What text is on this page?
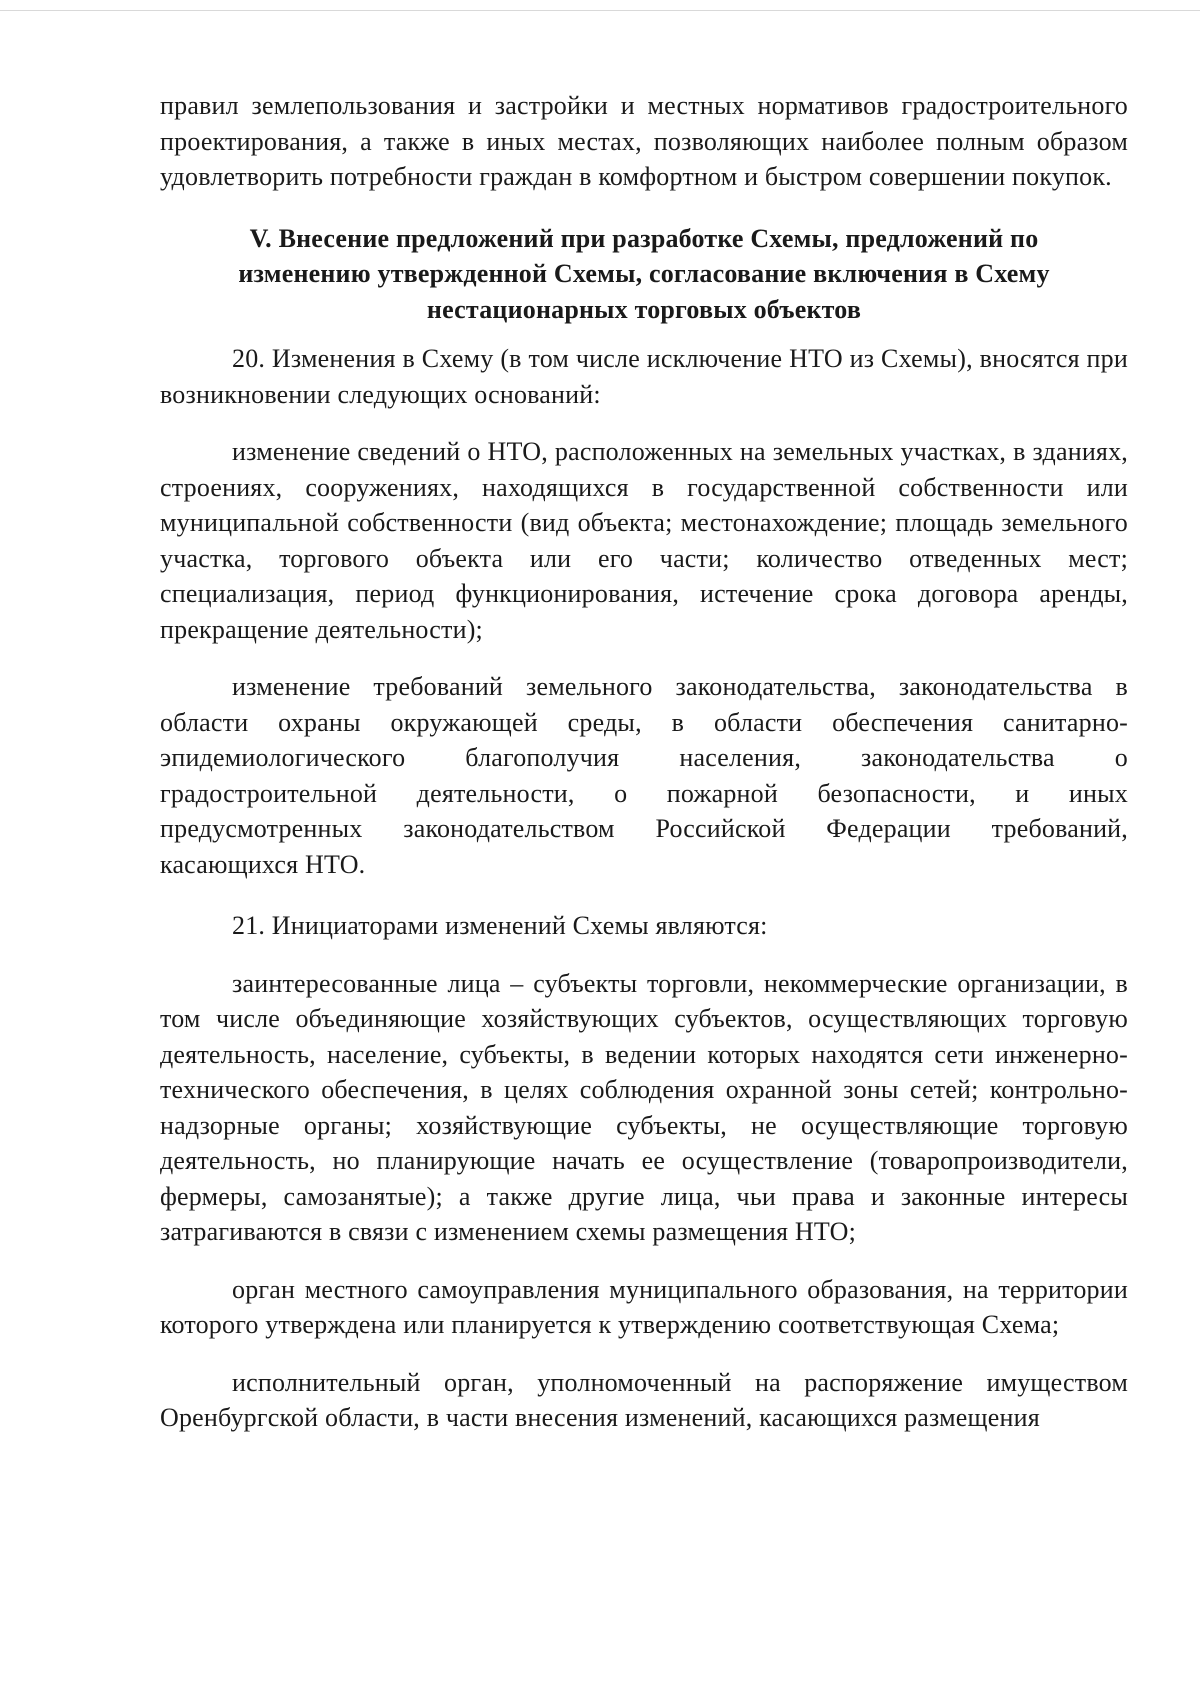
правил землепользования и застройки и местных нормативов градостроительного проектирования, а также в иных местах, позволяющих наиболее полным образом удовлетворить потребности граждан в комфортном и быстром совершении покупок.

V. Внесение предложений при разработке Схемы, предложений по
изменению утвержденной Схемы, согласование включения в Схему
нестационарных торговых объектов

20. Изменения в Схему (в том числе исключение НТО из Схемы), вносятся при возникновении следующих оснований:

изменение сведений о НТО, расположенных на земельных участках, в зданиях, строениях, сооружениях, находящихся в государственной собственности или муниципальной собственности (вид объекта; местонахождение; площадь земельного участка, торгового объекта или его части; количество отведенных мест; специализация, период функционирования, истечение срока договора аренды, прекращение деятельности);

изменение требований земельного законодательства, законодательства в области охраны окружающей среды, в области обеспечения санитарно-эпидемиологического благополучия населения, законодательства о градостроительной деятельности, о пожарной безопасности, и иных предусмотренных законодательством Российской Федерации требований, касающихся НТО.

21. Инициаторами изменений Схемы являются:

заинтересованные лица – субъекты торговли, некоммерческие организации, в том числе объединяющие хозяйствующих субъектов, осуществляющих торговую деятельность, население, субъекты, в ведении которых находятся сети инженерно-технического обеспечения, в целях соблюдения охранной зоны сетей; контрольно-надзорные органы; хозяйствующие субъекты, не осуществляющие торговую деятельность, но планирующие начать ее осуществление (товаропроизводители, фермеры, самозанятые); а также другие лица, чьи права и законные интересы затрагиваются в связи с изменением схемы размещения НТО;

орган местного самоуправления муниципального образования, на территории которого утверждена или планируется к утверждению соответствующая Схема;

исполнительный орган, уполномоченный на распоряжение имуществом Оренбургской области, в части внесения изменений, касающихся размещения
